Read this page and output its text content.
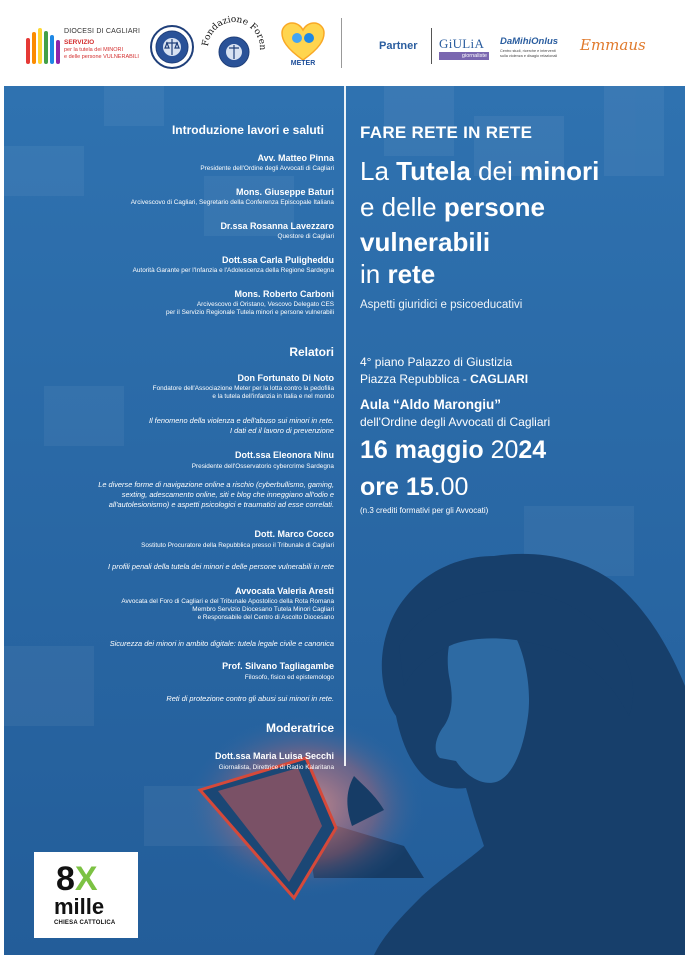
DIOCESI DI CAGLIARI
SERVIZIO
per la tutela dei MINORI
e delle persone VULNERABILI
Fondazione Foren
METER
Partner GiULiA
giornaliste
DaMihiOnlus
Centro studi, ricerche e interventi sulla violenza e disagio relazionali
Emmaus
Introduzione lavori e saluti
Avv. Matteo Pinna
Presidente dell'Ordine degli Avvocati di Cagliari
Mons. Giuseppe Baturi
Arcivescovo di Cagliari, Segretario della Conferenza Episcopale Italiana
Dr.ssa Rosanna Lavezzaro
Questore di Cagliari
Dott.ssa Carla Puligheddu
Autorità Garante per l'Infanzia e l'Adolescenza della Regione Sardegna
Mons. Roberto Carboni
Arcivescovo di Oristano, Vescovo Delegato CES
per il Servizio Regionale Tutela minori e persone vulnerabili
Relatori
Don Fortunato Di Noto
Fondatore dell'Associazione Meter per la lotta contro la pedofilia
e la tutela dell'infanzia in Italia e nel mondo
Il fenomeno della violenza e dell'abuso sui minori in rete.
I dati ed il lavoro di prevenzione
Dott.ssa Eleonora Ninu
Presidente dell'Osservatorio cybercrime Sardegna
Le diverse forme di navigazione online a rischio (cyberbullismo, gaming,
sexting, adescamento online, siti e blog che inneggiano all'odio e
all'autolesionismo) e aspetti psicologici e traumatici ad esse correlati.
Dott. Marco Cocco
Sostituto Procuratore della Repubblica presso il Tribunale di Cagliari
I profili penali della tutela dei minori e delle persone vulnerabili in rete
Avvocata Valeria Aresti
Avvocata del Foro di Cagliari e del Tribunale Apostolico della Rota Romana
Membro Servizio Diocesano Tutela Minori Cagliari
e Responsabile del Centro di Ascolto Diocesano
Sicurezza dei minori in ambito digitale: tutela legale civile e canonica
Prof. Silvano Tagliagambe
Filosofo, fisico ed epistemologo
Reti di protezione contro gli abusi sui minori in rete.
Moderatrice
Dott.ssa Maria Luisa Secchi
Giornalista, Direttrice di Radio Kalaritana
FARE RETE IN RETE
La Tutela dei minori
e delle persone
vulnerabili
in rete
Aspetti giuridici e psicoeducativi
4° piano Palazzo di Giustizia
Piazza Repubblica - CAGLIARI
Aula “Aldo Marongiu”
dell'Ordine degli Avvocati di Cagliari
16 maggio 2024
ore 15.00
(n.3 crediti formativi per gli Avvocati)
8X
mille
CHIESA CATTOLICA
